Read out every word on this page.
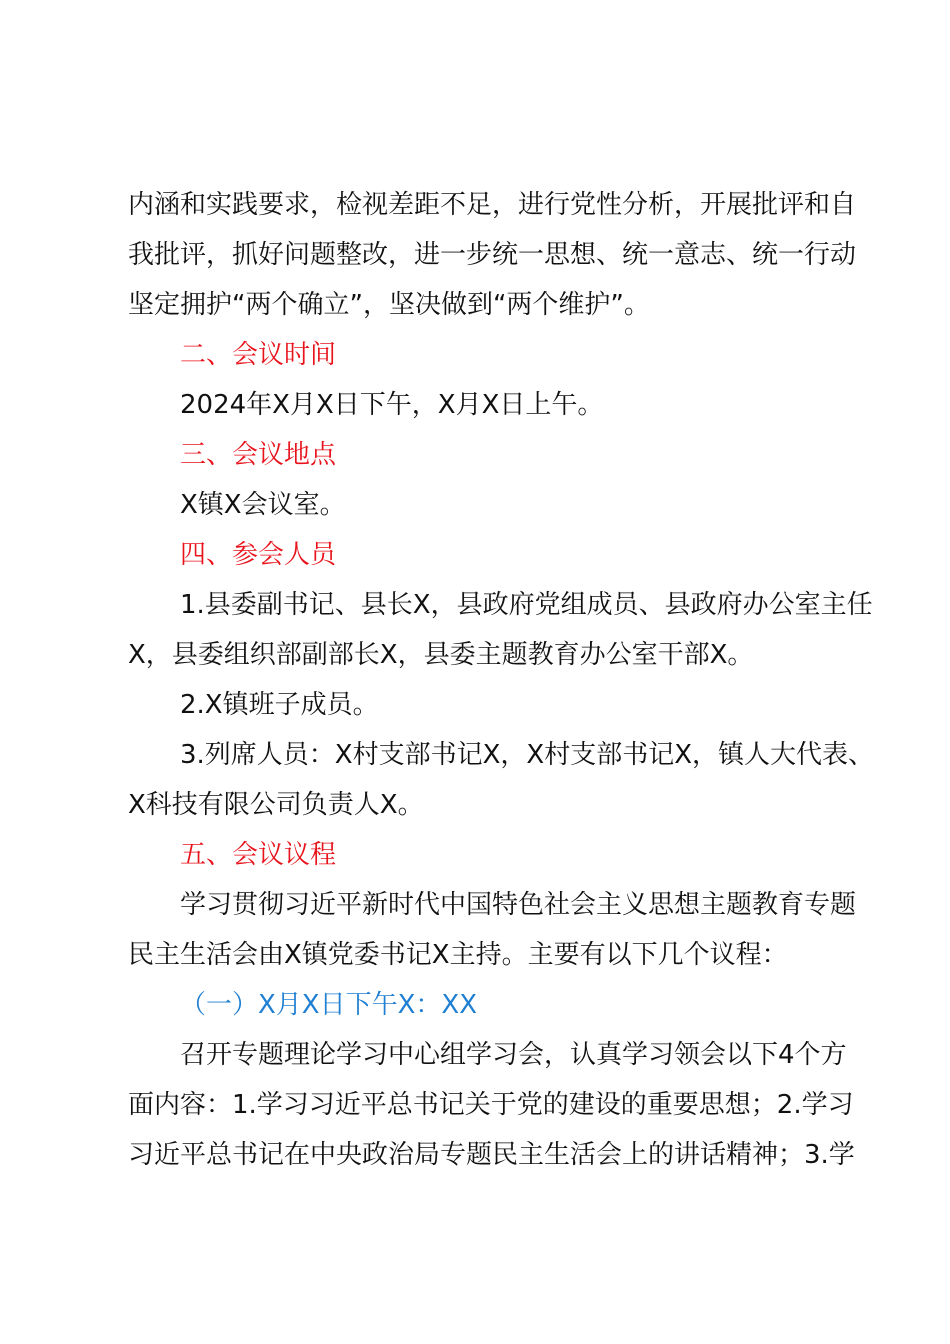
内涵和实践要求，检视差距不足，进行党性分析，开展批评和自
我批评，抓好问题整改，进一步统一思想、统一意志、统一行动
坚定拥护“两个确立”，坚决做到“两个维护”。
二、会议时间
2024年X月X日下午，X月X日上午。
三、会议地点
X镇X会议室。
四、参会人员
1.县委副书记、县长X，县政府党组成员、县政府办公室主任
X，县委组织部副部长X，县委主题教育办公室干部X。
2.X镇班子成员。
3.列席人员：X村支部书记X，X村支部书记X，镇人大代表、
X科技有限公司负责人X。
五、会议议程
学习贯彻习近平新时代中国特色社会主义思想主题教育专题
民主生活会由X镇党委书记X主持。主要有以下几个议程：
（一）X月X日下午X：XX
召开专题理论学习中心组学习会，认真学习领会以下4个方
面内容：1.学习习近平总书记关于党的建设的重要思想；2.学习
习近平总书记在中央政治局专题民主生活会上的讲话精神；3.学
